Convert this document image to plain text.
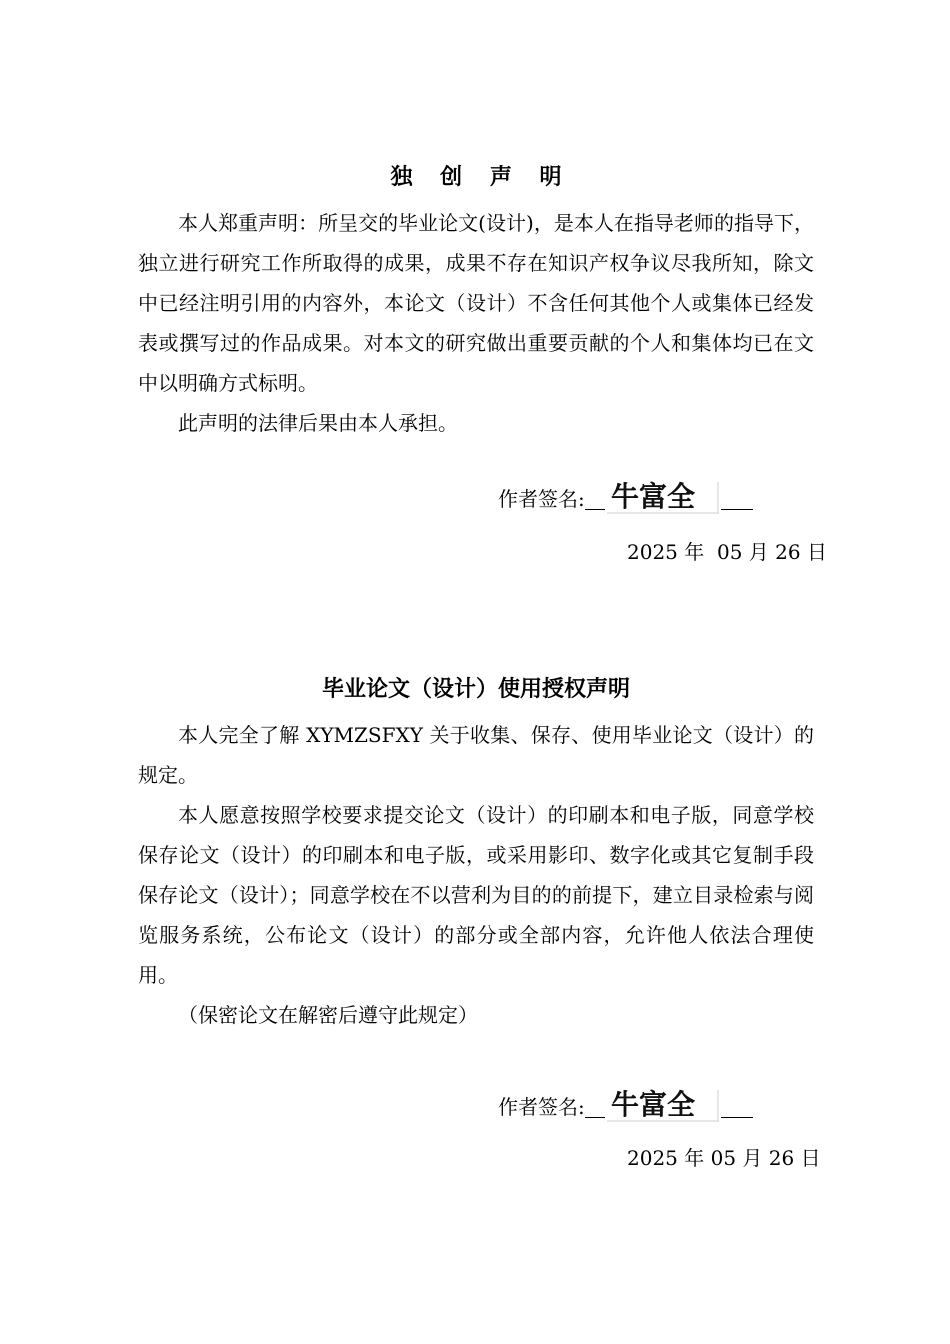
独 创 声 明

本人郑重声明：所呈交的毕业论文(设计)，是本人在指导老师的指导下，独立进行研究工作所取得的成果，成果不存在知识产权争议尽我所知，除文中已经注明引用的内容外，本论文（设计）不含任何其他个人或集体已经发表或撰写过的作品成果。对本文的研究做出重要贡献的个人和集体均已在文中以明确方式标明。

此声明的法律后果由本人承担。

作者签名: 牛富全
2025 年  05 月 26 日
毕业论文（设计）使用授权声明

本人完全了解 XYMZSFXY 关于收集、保存、使用毕业论文（设计）的规定。

本人愿意按照学校要求提交论文（设计）的印刷本和电子版，同意学校保存论文（设计）的印刷本和电子版，或采用影印、数字化或其它复制手段保存论文（设计）；同意学校在不以营利为目的的前提下，建立目录检索与阅览服务系统，公布论文（设计）的部分或全部内容，允许他人依法合理使用。

（保密论文在解密后遵守此规定）

作者签名: 牛富全
2025 年 05 月 26 日
